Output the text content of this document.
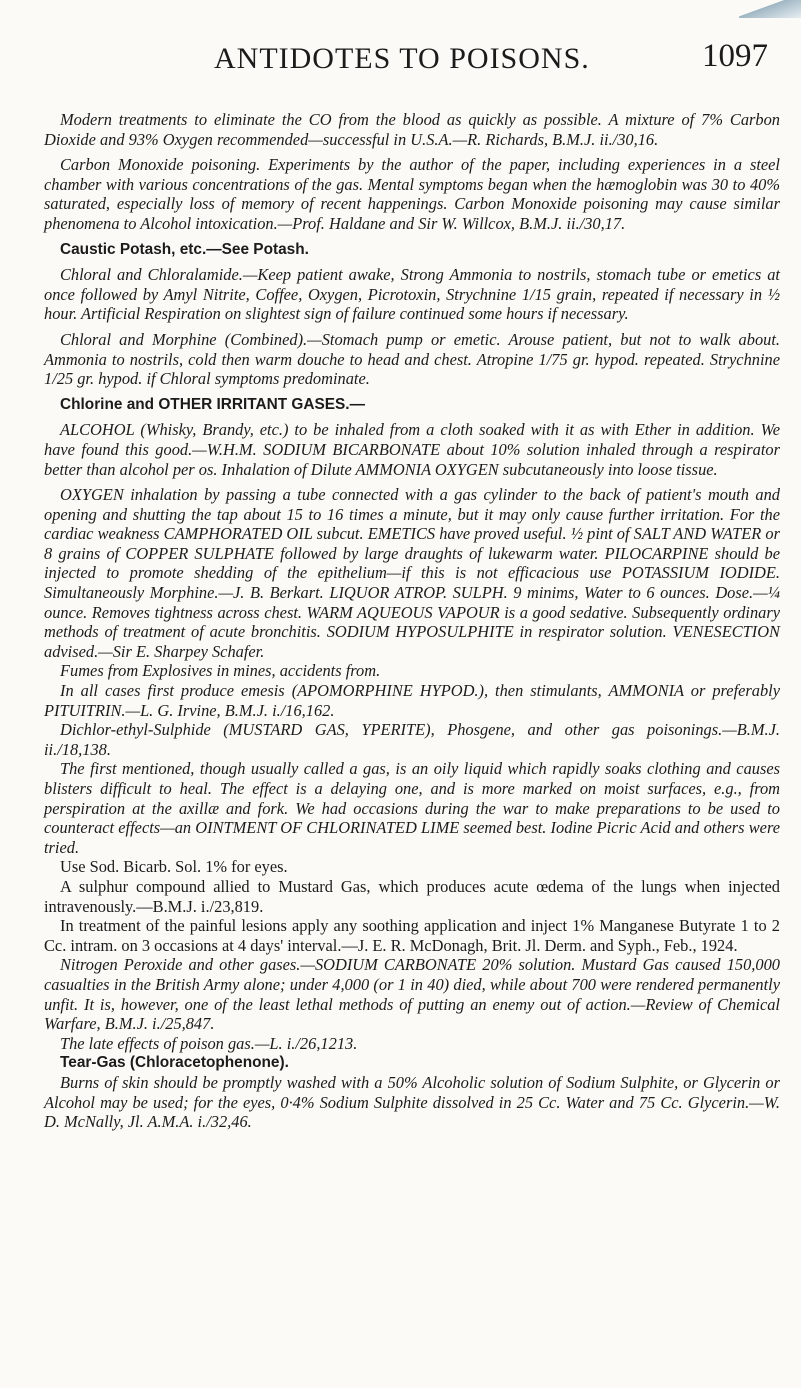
ANTIDOTES TO POISONS.	1097

Modern treatments to eliminate the CO from the blood as quickly as possible. A mixture of 7% Carbon Dioxide and 93% Oxygen recommended—successful in U.S.A.—R. Richards, B.M.J. ii./30,16.

Carbon Monoxide poisoning. Experiments by the author of the paper, including experiences in a steel chamber with various concentrations of the gas. Mental symptoms began when the hæmoglobin was 30 to 40% saturated, especially loss of memory of recent happenings. Carbon Monoxide poisoning may cause similar phenomena to Alcohol intoxication.—Prof. Haldane and Sir W. Willcox, B.M.J. ii./30,17.

Caustic Potash, etc.—See Potash.

Chloral and Chloralamide.—Keep patient awake, Strong Ammonia to nostrils, stomach tube or emetics at once followed by Amyl Nitrite, Coffee, Oxygen, Picrotoxin, Strychnine 1/15 grain, repeated if necessary in ½ hour. Artificial Respiration on slightest sign of failure continued some hours if necessary.

Chloral and Morphine (Combined).—Stomach pump or emetic. Arouse patient, but not to walk about. Ammonia to nostrils, cold then warm douche to head and chest. Atropine 1/75 gr. hypod. repeated. Strychnine 1/25 gr. hypod. if Chloral symptoms predominate.

Chlorine and OTHER IRRITANT GASES.—

ALCOHOL (Whisky, Brandy, etc.) to be inhaled from a cloth soaked with it as with Ether in addition. We have found this good.—W.H.M. SODIUM BICARBONATE about 10% solution inhaled through a respirator better than alcohol per os. Inhalation of Dilute AMMONIA OXYGEN subcutaneously into loose tissue.

OXYGEN inhalation by passing a tube connected with a gas cylinder to the back of patient's mouth and opening and shutting the tap about 15 to 16 times a minute, but it may only cause further irritation. For the cardiac weakness CAMPHORATED OIL subcut. EMETICS have proved useful. ½ pint of SALT AND WATER or 8 grains of COPPER SULPHATE followed by large draughts of lukewarm water. PILOCARPINE should be injected to promote shedding of the epithelium—if this is not efficacious use POTASSIUM IODIDE. Simultaneously Morphine.—J. B. Berkart. LIQUOR ATROP. SULPH. 9 minims, Water to 6 ounces. Dose.—¼ ounce. Removes tightness across chest. WARM AQUEOUS VAPOUR is a good sedative. Subsequently ordinary methods of treatment of acute bronchitis. SODIUM HYPOSULPHITE in respirator solution. VENESECTION advised.—Sir E. Sharpey Schafer.

Fumes from Explosives in mines, accidents from.

In all cases first produce emesis (APOMORPHINE HYPOD.), then stimulants, AMMONIA or preferably PITUITRIN.—L. G. Irvine, B.M.J. i./16,162.

Dichlor-ethyl-Sulphide (MUSTARD GAS, YPERITE), Phosgene, and other gas poisonings.—B.M.J. ii./18,138.

The first mentioned, though usually called a gas, is an oily liquid which rapidly soaks clothing and causes blisters difficult to heal. The effect is a delaying one, and is more marked on moist surfaces, e.g., from perspiration at the axillæ and fork. We had occasions during the war to make preparations to be used to counteract effects—an OINTMENT OF CHLORINATED LIME seemed best. Iodine Picric Acid and others were tried.

Use Sod. Bicarb. Sol. 1% for eyes.

A sulphur compound allied to Mustard Gas, which produces acute œdema of the lungs when injected intravenously.—B.M.J. i./23,819.

In treatment of the painful lesions apply any soothing application and inject 1% Manganese Butyrate 1 to 2 Cc. intram. on 3 occasions at 4 days' interval.—J. E. R. McDonagh, Brit. Jl. Derm. and Syph., Feb., 1924.

Nitrogen Peroxide and other gases.—SODIUM CARBONATE 20% solution. Mustard Gas caused 150,000 casualties in the British Army alone; under 4,000 (or 1 in 40) died, while about 700 were rendered permanently unfit. It is, however, one of the least lethal methods of putting an enemy out of action.—Review of Chemical Warfare, B.M.J. i./25,847.

The late effects of poison gas.—L. i./26,1213.

Tear-Gas (Chloracetophenone).

Burns of skin should be promptly washed with a 50% Alcoholic solution of Sodium Sulphite, or Glycerin or Alcohol may be used; for the eyes, 0·4% Sodium Sulphite dissolved in 25 Cc. Water and 75 Cc. Glycerin.—W. D. McNally, Jl. A.M.A. i./32,46.
